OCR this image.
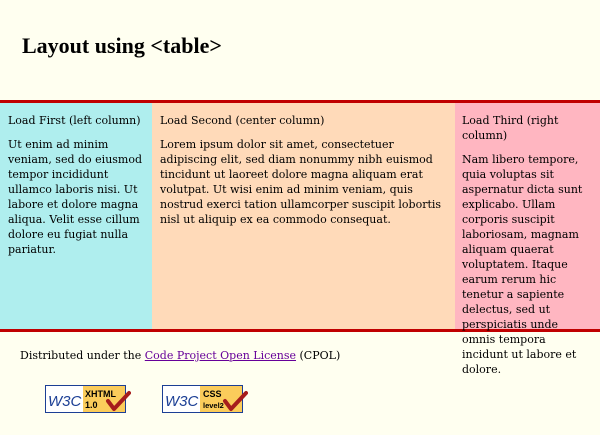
Layout using <table>

Load First (left column)

Ut enim ad minim veniam, sed do eiusmod tempor incididunt ullamco laboris nisi. Ut labore et dolore magna aliqua. Velit esse cillum dolore eu fugiat nulla pariatur.

Load Second (center column)

Lorem ipsum dolor sit amet, consectetuer adipiscing elit, sed diam nonummy nibh euismod tincidunt ut laoreet dolore magna aliquam erat volutpat. Ut wisi enim ad minim veniam, quis nostrud exerci tation ullamcorper suscipit lobortis nisl ut aliquip ex ea commodo consequat.

Load Third (right column)

Nam libero tempore, quia voluptas sit aspernatur dicta sunt explicabo. Ullam corporis suscipit laboriosam, magnam aliquam quaerat voluptatem. Itaque earum rerum hic tenetur a sapiente delectus, sed ut perspiciatis unde omnis tempora incidunt ut labore et dolore.

Distributed under the Code Project Open License (CPOL)
W3C XHTML
1.0	W3C CSS
level2
